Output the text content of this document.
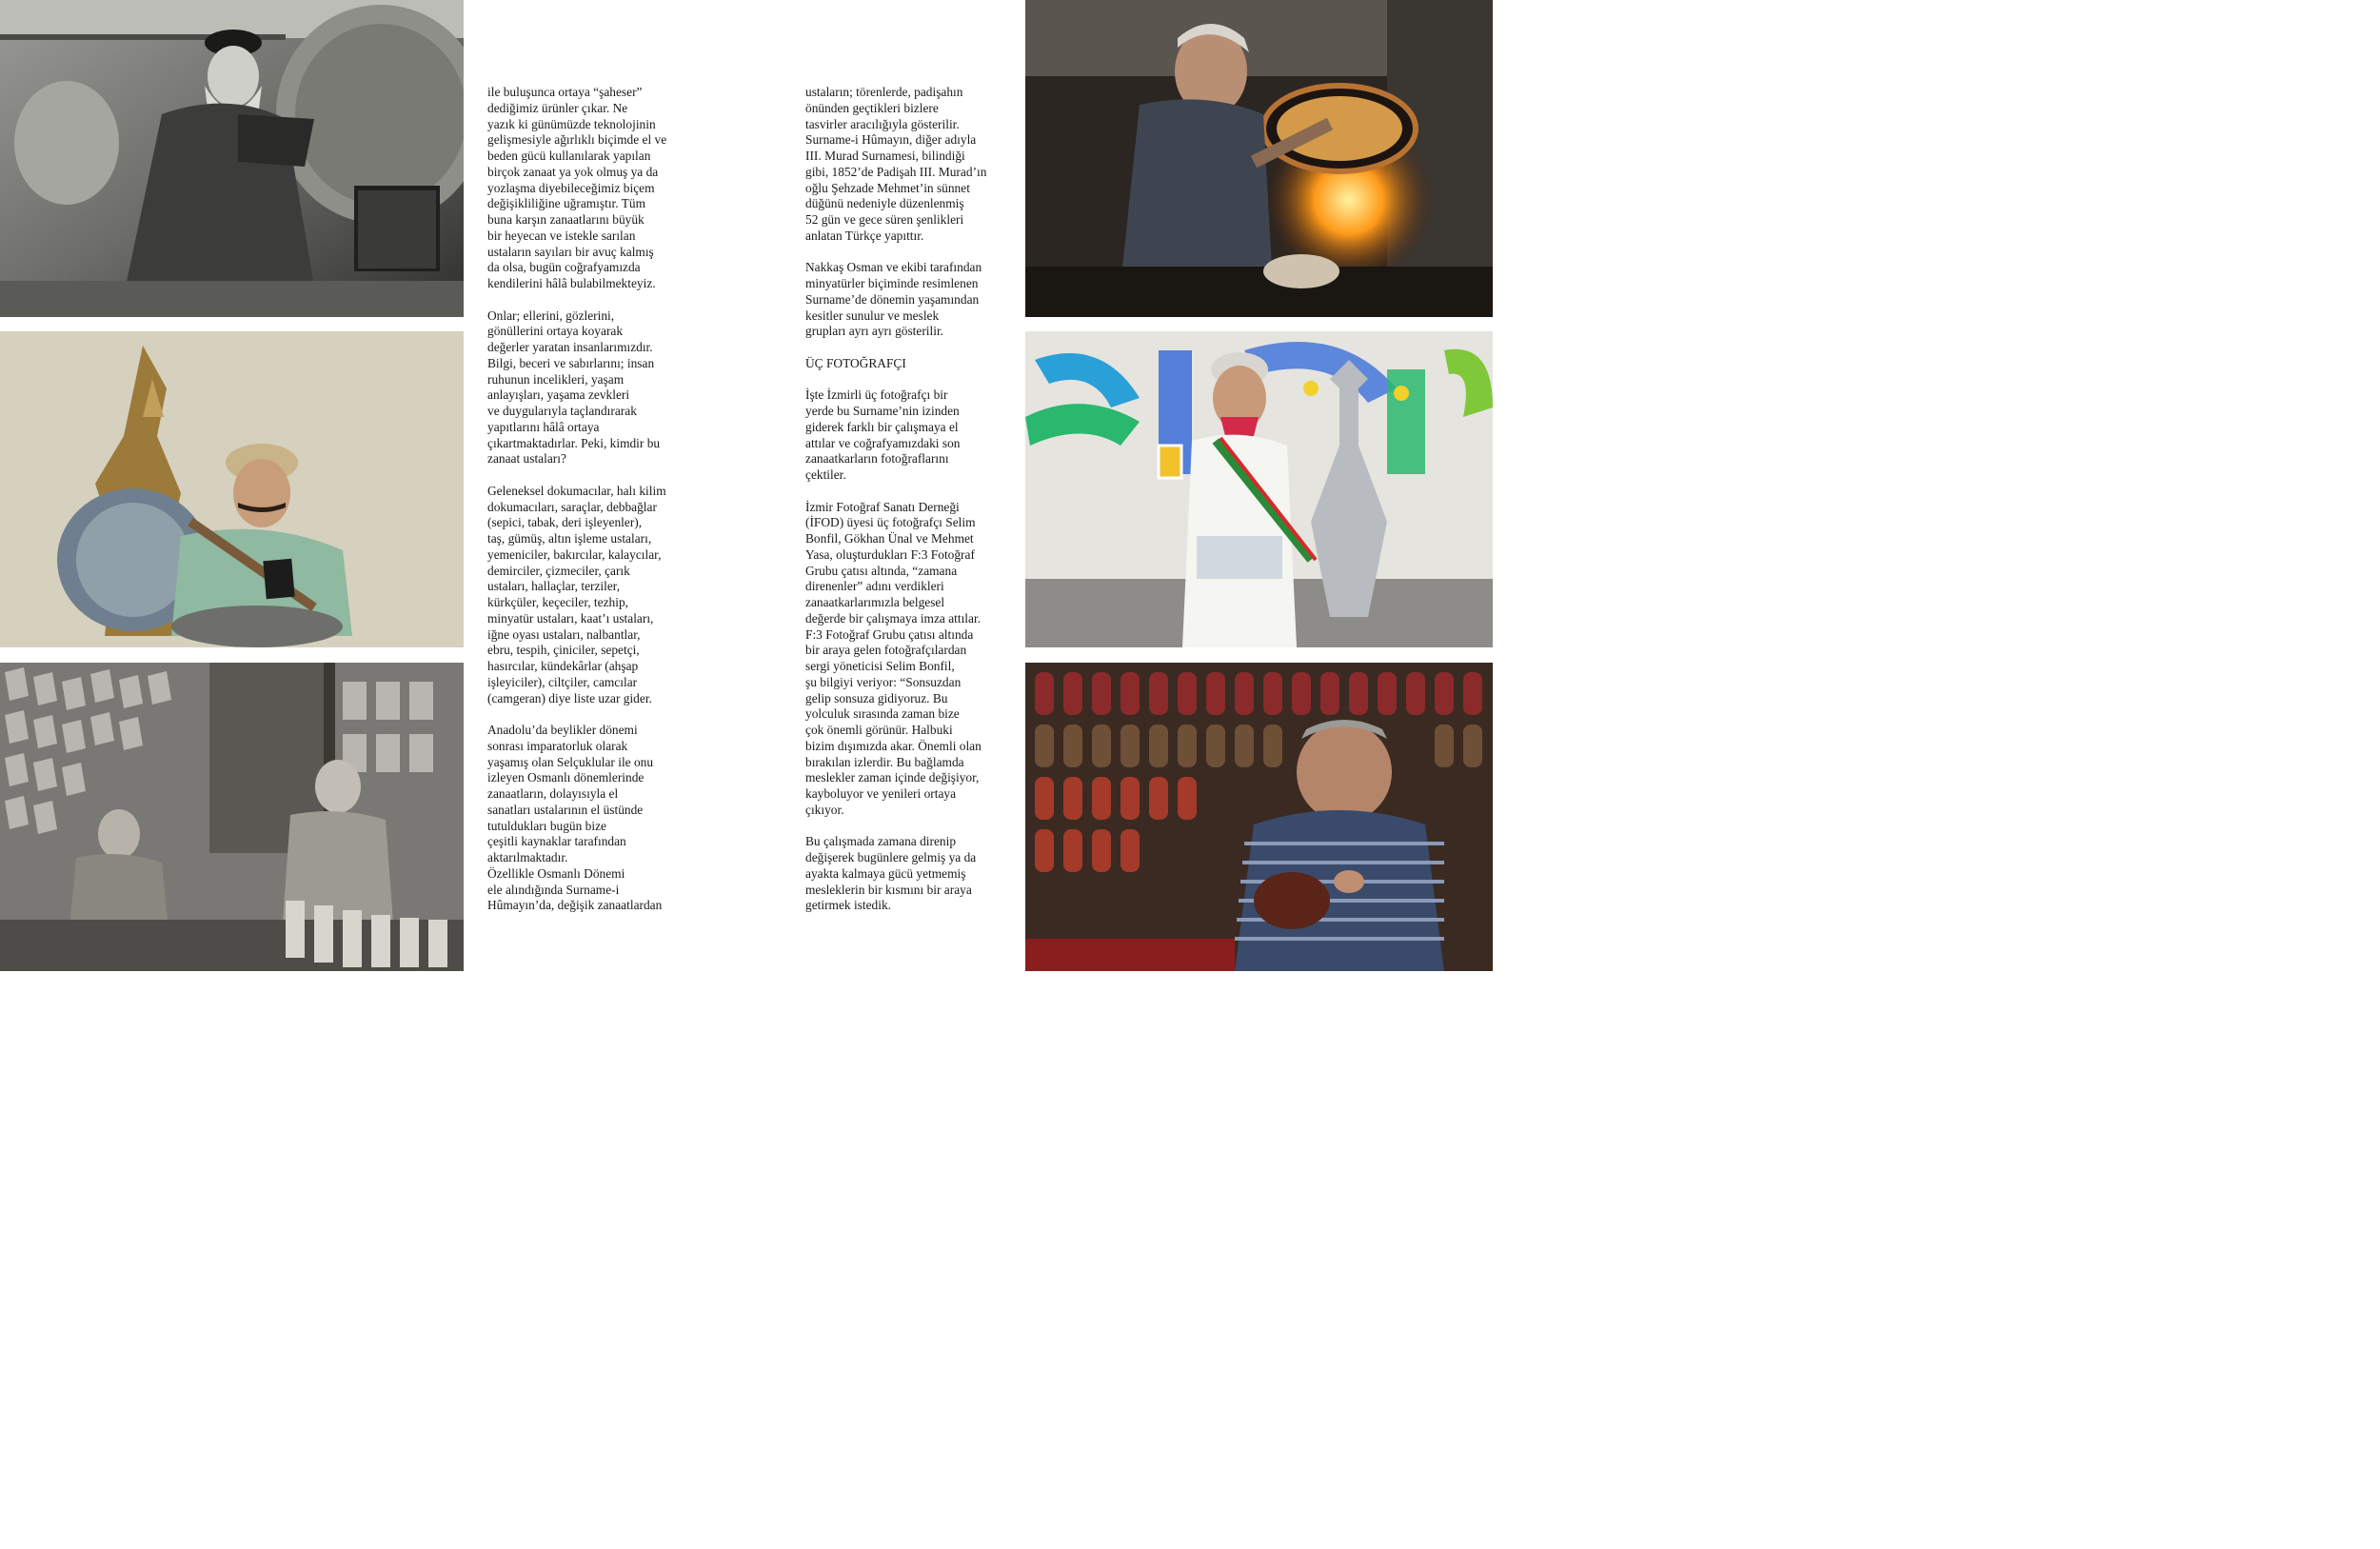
ile buluşunca ortaya “şaheser”
dediğimiz ürünler çıkar. Ne
yazık ki günümüzde teknolojinin
gelişmesiyle ağırlıklı biçimde el ve
beden gücü kullanılarak yapılan
birçok zanaat ya yok olmuş ya da
yozlaşma diyebileceğimiz biçem
değişikliliğine uğramıştır. Tüm
buna karşın zanaatlarını büyük
bir heyecan ve istekle sarılan
ustaların sayıları bir avuç kalmış
da olsa, bugün coğrafyamızda
kendilerini hâlâ bulabilmekteyiz.

Onlar; ellerini, gözlerini,
gönüllerini ortaya koyarak
değerler yaratan insanlarımızdır.
Bilgi, beceri ve sabırlarını; insan
ruhunun incelikleri, yaşam
anlayışları, yaşama zevkleri
ve duygularıyla taçlandırarak
yapıtlarını hâlâ ortaya
çıkartmaktadırlar. Peki, kimdir bu
zanaat ustaları?

Geleneksel dokumacılar, halı kilim
dokumacıları, saraçlar, debbağlar
(sepici, tabak, deri işleyenler),
taş, gümüş, altın işleme ustaları,
yemeniciler, bakırcılar, kalaycılar,
demirciler, çizmeciler, çarık
ustaları, hallaçlar, terziler,
kürkçüler, keçeciler, tezhip,
minyatür ustaları, kaat’ı ustaları,
iğne oyası ustaları, nalbantlar,
ebru, tespih, çiniciler, sepetçi,
hasırcılar, kündekârlar (ahşap
işleyiciler), ciltçiler, camcılar
(camgeran) diye liste uzar gider.

Anadolu’da beylikler dönemi
sonrası imparatorluk olarak
yaşamış olan Selçuklular ile onu
izleyen Osmanlı dönemlerinde
zanaatların, dolayısıyla el
sanatları ustalarının el üstünde
tutuldukları bugün bize
çeşitli kaynaklar tarafından
aktarılmaktadır.
Özellikle Osmanlı Dönemi
ele alındığında Surname-i
Hûmayın’da, değişik zanaatlardan

ustaların; törenlerde, padişahın
önünden geçtikleri bizlere
tasvirler aracılığıyla gösterilir.
Surname-i Hûmayın, diğer adıyla
III. Murad Surnamesi, bilindiği
gibi, 1852’de Padişah III. Murad’ın
oğlu Şehzade Mehmet’in sünnet
düğünü nedeniyle düzenlenmiş
52 gün ve gece süren şenlikleri
anlatan Türkçe yapıttır.

Nakkaş Osman ve ekibi tarafından
minyatürler biçiminde resimlenen
Surname’de dönemin yaşamından
kesitler sunulur ve meslek
grupları ayrı ayrı gösterilir.

ÜÇ FOTOĞRAFÇI

İşte İzmirli üç fotoğrafçı bir
yerde bu Surname’nin izinden
giderek farklı bir çalışmaya el
attılar ve coğrafyamızdaki son
zanaatkarların fotoğraflarını
çektiler.

İzmir Fotoğraf Sanatı Derneği
(İFOD) üyesi üç fotoğrafçı Selim
Bonfil, Gökhan Ünal ve Mehmet
Yasa, oluşturdukları F:3 Fotoğraf
Grubu çatısı altında, “zamana
direnenler” adını verdikleri
zanaatkarlarımızla belgesel
değerde bir çalışmaya imza attılar.
F:3 Fotoğraf Grubu çatısı altında
bir araya gelen fotoğrafçılardan
sergi yöneticisi Selim Bonfil,
şu bilgiyi veriyor: “Sonsuzdan
gelip sonsuza gidiyoruz. Bu
yolculuk sırasında zaman bize
çok önemli görünür. Halbuki
bizim dışımızda akar. Önemli olan
bırakılan izlerdir. Bu bağlamda
meslekler zaman içinde değişiyor,
kayboluyor ve yenileri ortaya
çıkıyor.

Bu çalışmada zamana direnip
değişerek bugünlere gelmiş ya da
ayakta kalmaya gücü yetmemiş
mesleklerin bir kısmını bir araya
getirmek istedik.
